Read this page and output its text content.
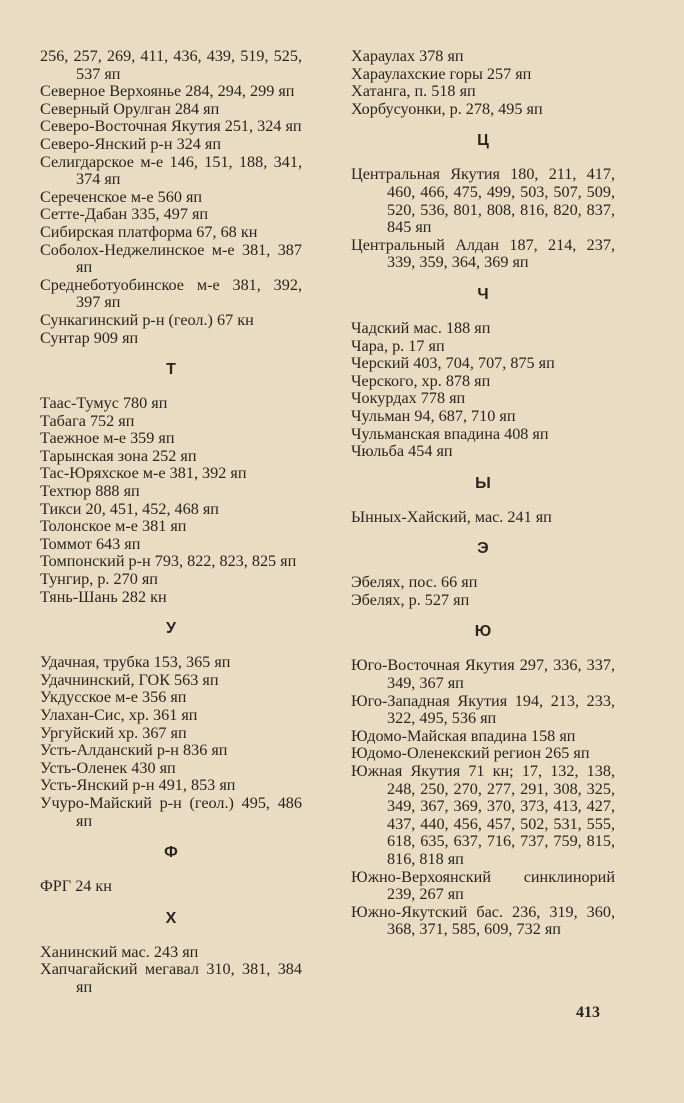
256, 257, 269, 411, 436, 439, 519, 525, 537 яп
Северное Верхоянье 284, 294, 299 яп
Северный Орулган 284 яп
Северо-Восточная Якутия 251, 324 яп
Северо-Янский р-н 324 яп
Селигдарское м-е 146, 151, 188, 341, 374 яп
Сереченское м-е 560 яп
Сетте-Дабан 335, 497 яп
Сибирская платформа 67, 68 кн
Соболох-Неджелинское м-е 381, 387 яп
Среднеботуобинское м-е 381, 392, 397 яп
Сункагинский р-н (геол.) 67 кн
Сунтар 909 яп
Т
Таас-Тумус 780 яп
Табага 752 яп
Таежное м-е 359 яп
Тарынская зона 252 яп
Тас-Юряхское м-е 381, 392 яп
Техтюр 888 яп
Тикси 20, 451, 452, 468 яп
Толонское м-е 381 яп
Томмот 643 яп
Томпонский р-н 793, 822, 823, 825 яп
Тунгир, р. 270 яп
Тянь-Шань 282 кн
У
Удачная, трубка 153, 365 яп
Удачнинский, ГОК 563 яп
Укдусское м-е 356 яп
Улахан-Сис, хр. 361 яп
Ургуйский хр. 367 яп
Усть-Алданский р-н 836 яп
Усть-Оленек 430 яп
Усть-Янский р-н 491, 853 яп
Учуро-Майский р-н (геол.) 495, 486 яп
Ф
ФРГ 24 кн
Х
Ханинский мас. 243 яп
Хапчагайский мегавал 310, 381, 384 яп
Хараулах 378 яп
Хараулахские горы 257 яп
Хатанга, п. 518 яп
Хорбусуонки, р. 278, 495 яп
Ц
Центральная Якутия 180, 211, 417, 460, 466, 475, 499, 503, 507, 509, 520, 536, 801, 808, 816, 820, 837, 845 яп
Центральный Алдан 187, 214, 237, 339, 359, 364, 369 яп
Ч
Чадский мас. 188 яп
Чара, р. 17 яп
Черский 403, 704, 707, 875 яп
Черского, хр. 878 яп
Чокурдах 778 яп
Чульман 94, 687, 710 яп
Чульманская впадина 408 яп
Чюльба 454 яп
Ы
Ынных-Хайский, мас. 241 яп
Э
Эбелях, пос. 66 яп
Эбелях, р. 527 яп
Ю
Юго-Восточная Якутия 297, 336, 337, 349, 367 яп
Юго-Западная Якутия 194, 213, 233, 322, 495, 536 яп
Юдомо-Майская впадина 158 яп
Юдомо-Оленекский регион 265 яп
Южная Якутия 71 кн; 17, 132, 138, 248, 250, 270, 277, 291, 308, 325, 349, 367, 369, 370, 373, 413, 427, 437, 440, 456, 457, 502, 531, 555, 618, 635, 637, 716, 737, 759, 815, 816, 818 яп
Южно-Верхоянский синклинорий 239, 267 яп
Южно-Якутский бас. 236, 319, 360, 368, 371, 585, 609, 732 яп
413
